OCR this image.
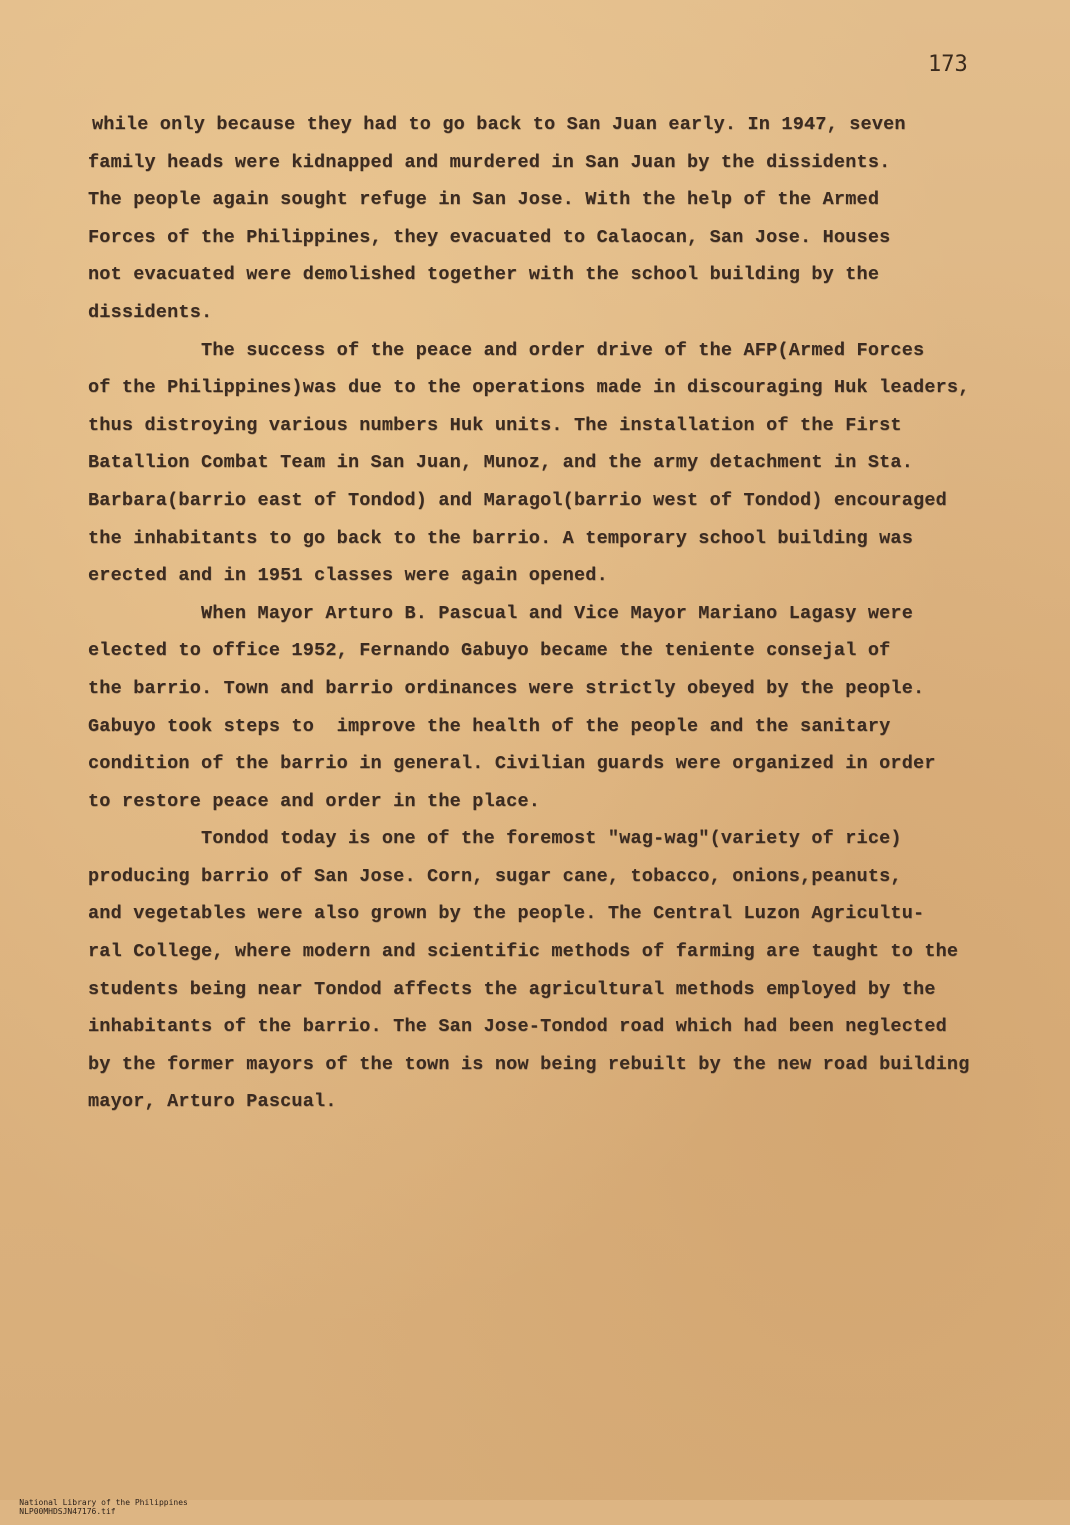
173
while only because they had to go back to San Juan early. In 1947, seven
family heads were kidnapped and murdered in San Juan by the dissidents.
The people again sought refuge in San Jose. With the help of the Armed
Forces of the Philippines, they evacuated to Calaocan, San Jose. Houses
not evacuated were demolished together with the school building by the
dissidents.
The success of the peace and order drive of the AFP(Armed Forces
of the Philippines)was due to the operations made in discouraging Huk leaders,
thus distroying various numbers Huk units. The installation of the First
Batallion Combat Team in San Juan, Munoz, and the army detachment in Sta.
Barbara(barrio east of Tondod) and Maragol(barrio west of Tondod) encouraged
the inhabitants to go back to the barrio. A temporary school building was
erected and in 1951 classes were again opened.
When Mayor Arturo B. Pascual and Vice Mayor Mariano Lagasy were
elected to office 1952, Fernando Gabuyo became the teniente consejal of
the barrio. Town and barrio ordinances were strictly obeyed by the people.
Gabuyo took steps to  improve the health of the people and the sanitary
condition of the barrio in general. Civilian guards were organized in order
to restore peace and order in the place.
Tondod today is one of the foremost "wag-wag"(variety of rice)
producing barrio of San Jose. Corn, sugar cane, tobacco, onions,peanuts,
and vegetables were also grown by the people. The Central Luzon Agricultu-
ral College, where modern and scientific methods of farming are taught to the
students being near Tondod affects the agricultural methods employed by the
inhabitants of the barrio. The San Jose-Tondod road which had been neglected
by the former mayors of the town is now being rebuilt by the new road building
mayor, Arturo Pascual.

National Library of the Philippines
NLP00MHDSJN47176.tif
